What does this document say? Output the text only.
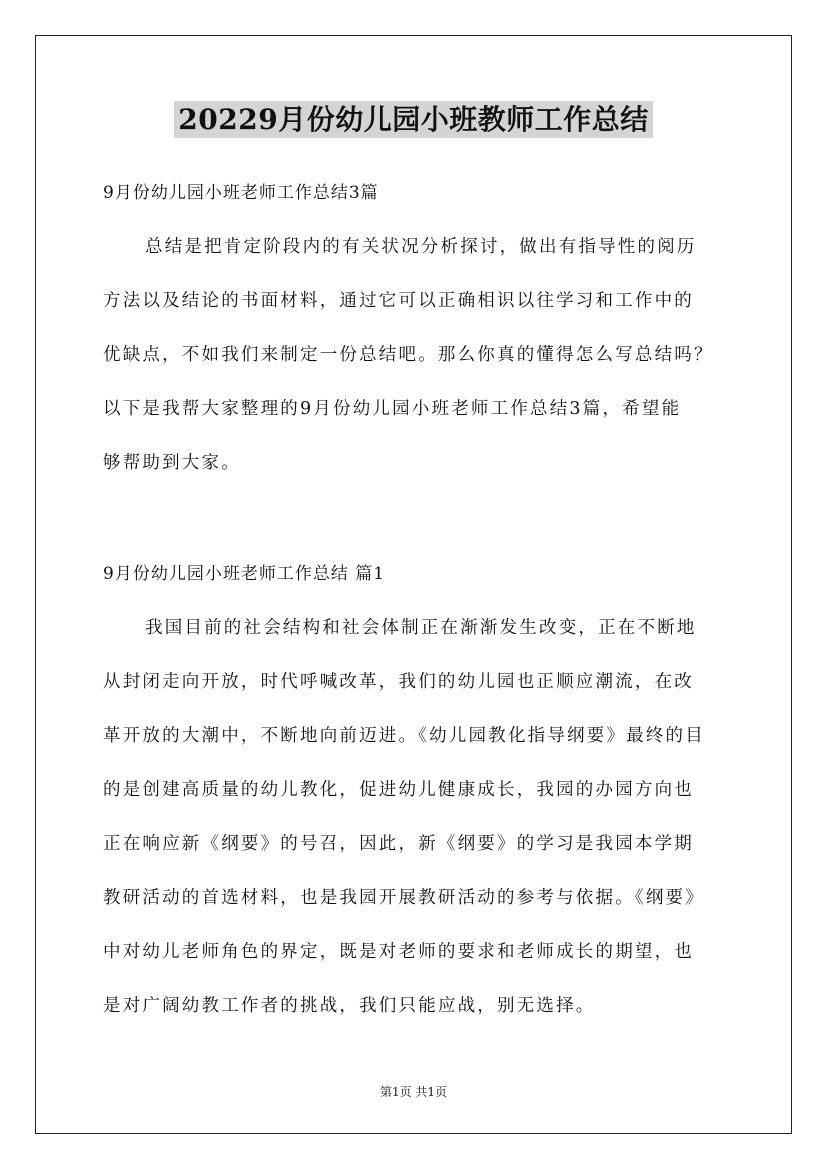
20229月份幼儿园小班教师工作总结
9月份幼儿园小班老师工作总结3篇
总结是把肯定阶段内的有关状况分析探讨，做出有指导性的阅历
方法以及结论的书面材料，通过它可以正确相识以往学习和工作中的
优缺点，不如我们来制定一份总结吧。那么你真的懂得怎么写总结吗？
以下是我帮大家整理的9月份幼儿园小班老师工作总结3篇，希望能
够帮助到大家。
9月份幼儿园小班老师工作总结 篇1
我国目前的社会结构和社会体制正在渐渐发生改变，正在不断地
从封闭走向开放，时代呼喊改革，我们的幼儿园也正顺应潮流，在改
革开放的大潮中，不断地向前迈进。《幼儿园教化指导纲要》最终的目
的是创建高质量的幼儿教化，促进幼儿健康成长，我园的办园方向也
正在响应新《纲要》的号召，因此，新《纲要》的学习是我园本学期
教研活动的首选材料，也是我园开展教研活动的参考与依据。《纲要》
中对幼儿老师角色的界定，既是对老师的要求和老师成长的期望，也
是对广阔幼教工作者的挑战，我们只能应战，别无选择。
第1页 共1页
